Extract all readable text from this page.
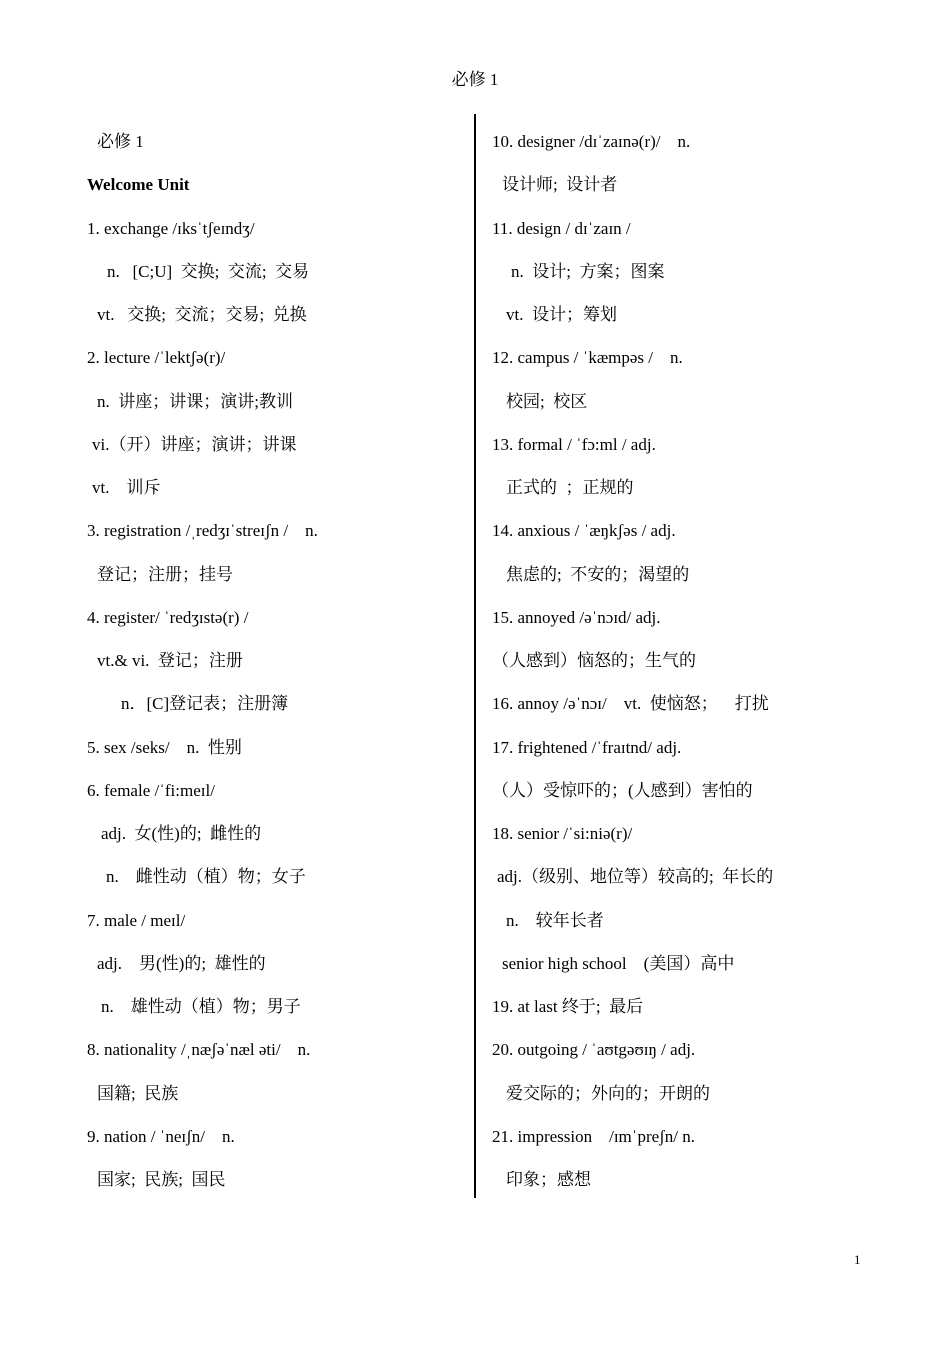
必修 1
必修 1
Welcome Unit
1. exchange /ɪksˈtʃeɪndʒ/
n.   [C;U]  交换;  交流;  交易
vt.   交换;  交流；交易;  兑换
2. lecture /ˈlektʃə(r)/
n.  讲座；讲课；演讲;教训
vi.（开）讲座；演讲；讲课
vt.    训斥
3. registration /ˌredʒɪˈstreɪʃn /    n.
登记；注册；挂号
4. register/ ˈredʒɪstə(r) /
vt.& vi.  登记；注册
n．[C]登记表；注册簿
5. sex /seks/    n.  性别
6. female /ˈfi:meɪl/
adj.  女(性)的;  雌性的
n.    雌性动（植）物；女子
7. male / meɪl/
adj.    男(性)的;  雄性的
n.    雄性动（植）物；男子
8. nationality /ˌnæʃəˈnæl əti/    n.
国籍;  民族
9. nation / ˈneɪʃn/    n.
国家;  民族;  国民
10. designer /dɪˈzaɪnə(r)/    n.
设计师;  设计者
11. design / dɪˈzaɪn /
n.  设计;  方案；图案
vt.  设计；筹划
12. campus / ˈkæmpəs /    n.
校园;  校区
13. formal / ˈfɔ:ml / adj.
正式的  ；正规的
14. anxious / ˈæŋkʃəs / adj.
焦虑的;  不安的；渴望的
15. annoyed /əˈnɔɪd/ adj.
（人感到）恼怒的；生气的
16. annoy /əˈnɔɪ/    vt.  使恼怒；    打扰
17. frightened /ˈfraɪtnd/ adj.
（人）受惊吓的；(人感到）害怕的
18. senior /ˈsi:niə(r)/
adj.（级别、地位等）较高的;  年长的
n.    较年长者
senior high school    (美国）高中
19. at last 终于;  最后
20. outgoing / ˈaʊtgəʊɪŋ / adj.
爱交际的；外向的；开朗的
21. impression    /ɪmˈpreʃn/ n.
印象；感想
1
